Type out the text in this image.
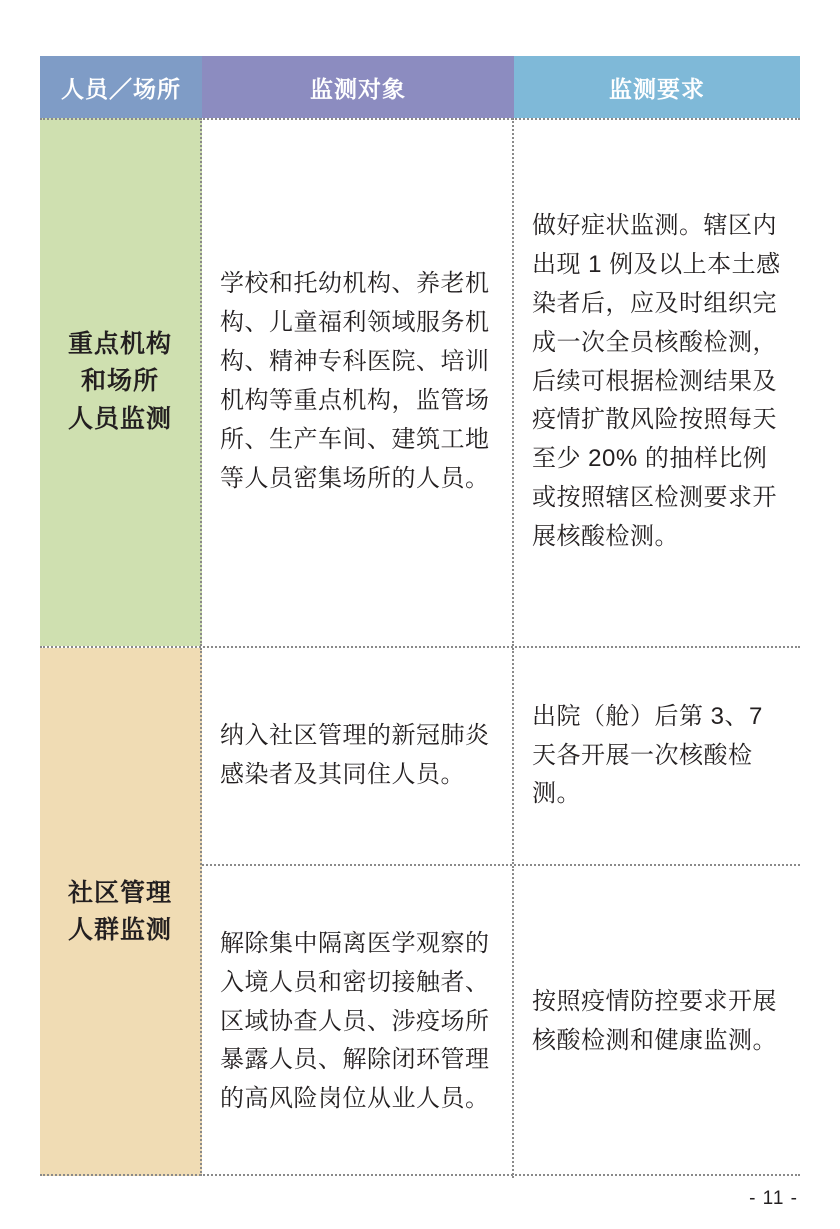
人员／场所	监测对象	监测要求
重点机构
和场所
人员监测
学校和托幼机构、养老机构、儿童福利领域服务机构、精神专科医院、培训机构等重点机构，监管场所、生产车间、建筑工地等人员密集场所的人员。
做好症状监测。辖区内出现 1 例及以上本土感染者后，应及时组织完成一次全员核酸检测，后续可根据检测结果及疫情扩散风险按照每天至少 20% 的抽样比例或按照辖区检测要求开展核酸检测。
社区管理
人群监测
纳入社区管理的新冠肺炎感染者及其同住人员。
出院（舱）后第 3、7 天各开展一次核酸检测。
解除集中隔离医学观察的入境人员和密切接触者、区域协查人员、涉疫场所暴露人员、解除闭环管理的高风险岗位从业人员。
按照疫情防控要求开展核酸检测和健康监测。
- 11 -
